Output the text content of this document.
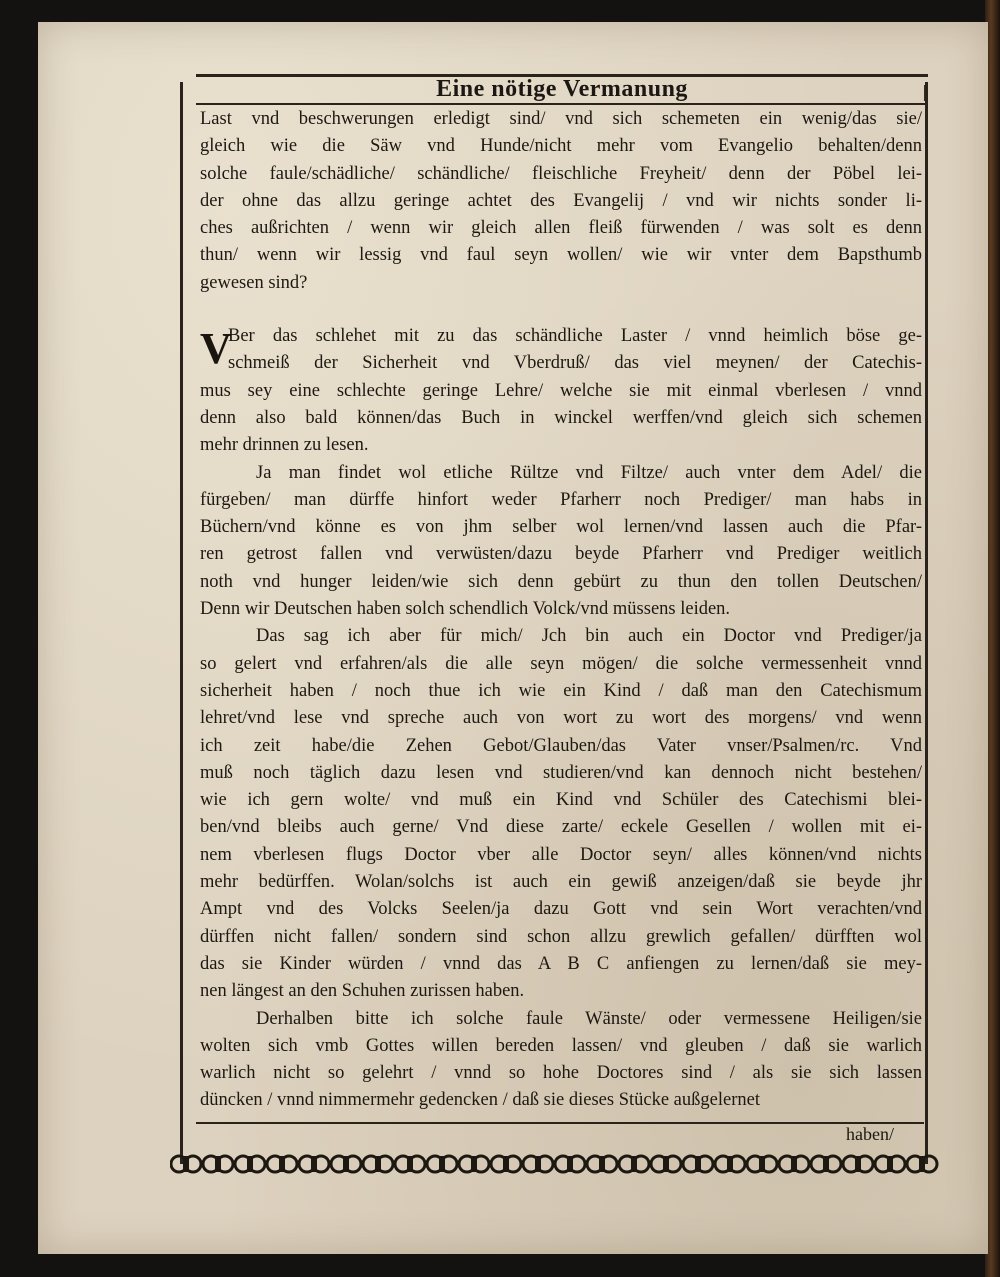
Eine nötige Vermanung	|
Last vnd beschwerungen erledigt sind/ vnd sich schemeten ein wenig/das sie/
gleich wie die Säw vnd Hunde/nicht mehr vom Evangelio behalten/denn
solche faule/schädliche/ schändliche/ fleischliche Freyheit/ denn der Pöbel lei-
der ohne das allzu geringe achtet des Evangelij / vnd wir nichts sonder li-
ches außrichten / wenn wir gleich allen fleiß fürwenden / was solt es denn
thun/ wenn wir lessig vnd faul seyn wollen/ wie wir vnter dem Bapsthumb
gewesen sind?
V
Ber das schlehet mit zu das schändliche Laster / vnnd heimlich böse ge-
schmeiß der Sicherheit vnd Vberdruß/ das viel meynen/ der Catechis-
mus sey eine schlechte geringe Lehre/ welche sie mit einmal vberlesen / vnnd
denn also bald können/das Buch in winckel werffen/vnd gleich sich schemen
mehr drinnen zu lesen.
Ja man findet wol etliche Rültze vnd Filtze/ auch vnter dem Adel/ die
fürgeben/ man dürffe hinfort weder Pfarherr noch Prediger/ man habs in
Büchern/vnd könne es von jhm selber wol lernen/vnd lassen auch die Pfar-
ren getrost fallen vnd verwüsten/dazu beyde Pfarherr vnd Prediger weitlich
noth vnd hunger leiden/wie sich denn gebürt zu thun den tollen Deutschen/
Denn wir Deutschen haben solch schendlich Volck/vnd müssens leiden.
Das sag ich aber für mich/ Jch bin auch ein Doctor vnd Prediger/ja
so gelert vnd erfahren/als die alle seyn mögen/ die solche vermessenheit vnnd
sicherheit haben / noch thue ich wie ein Kind / daß man den Catechismum
lehret/vnd lese vnd spreche auch von wort zu wort des morgens/ vnd wenn
ich zeit habe/die Zehen Gebot/Glauben/das Vater vnser/Psalmen/rc. Vnd
muß noch täglich dazu lesen vnd studieren/vnd kan dennoch nicht bestehen/
wie ich gern wolte/ vnd muß ein Kind vnd Schüler des Catechismi blei-
ben/vnd bleibs auch gerne/ Vnd diese zarte/ eckele Gesellen / wollen mit ei-
nem vberlesen flugs Doctor vber alle Doctor seyn/ alles können/vnd nichts
mehr bedürffen. Wolan/solchs ist auch ein gewiß anzeigen/daß sie beyde jhr
Ampt vnd des Volcks Seelen/ja dazu Gott vnd sein Wort verachten/vnd
dürffen nicht fallen/ sondern sind schon allzu grewlich gefallen/ dürfften wol
das sie Kinder würden / vnnd das A B C anfiengen zu lernen/daß sie mey-
nen längest an den Schuhen zurissen haben.
Derhalben bitte ich solche faule Wänste/ oder vermessene Heiligen/sie
wolten sich vmb Gottes willen bereden lassen/ vnd gleuben / daß sie warlich
warlich nicht so gelehrt / vnnd so hohe Doctores sind / als sie sich lassen
düncken / vnnd nimmermehr gedencken / daß sie dieses Stücke außgelernet
haben/
